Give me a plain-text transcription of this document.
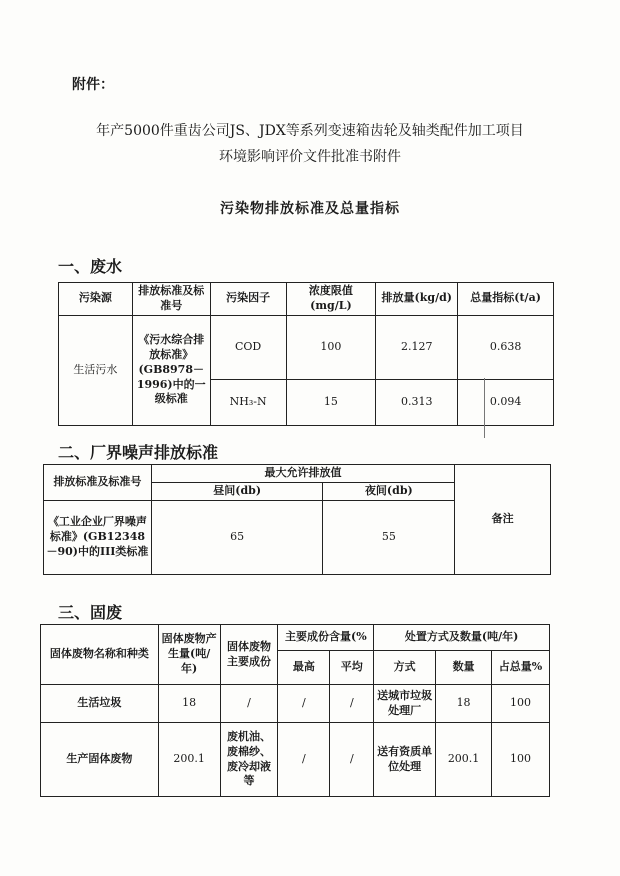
附件：
年产5000件重齿公司JS、JDX等系列变速箱齿轮及轴类配件加工项目
环境影响评价文件批准书附件
污染物排放标准及总量指标
一、废水
污染源	排放标准及标准号	污染因子	浓度限值(mg/L)	排放量(kg/d)	总量指标(t/a)
生活污水	《污水综合排放标准》(GB8978－1996)中的一级标准	COD	100	2.127	0.638
		NH₃-N	15	0.313	0.094
二、厂界噪声排放标准
排放标准及标准号	最大允许排放值		备注
	昼间(db)	夜间(db)	
《工业企业厂界噪声标准》(GB12348－90)中的III类标准	65	55	
三、固废
固体废物名称和种类	固体废物产生量(吨/年)	固体废物主要成份	主要成份含量(%		处置方式及数量(吨/年)		
			最高	平均	方式	数量	占总量%
生活垃圾	18	/	/	/	送城市垃圾处理厂	18	100
生产固体废物	200.1	废机油、废棉纱、废冷却液等	/	/	送有资质单位处理	200.1	100
